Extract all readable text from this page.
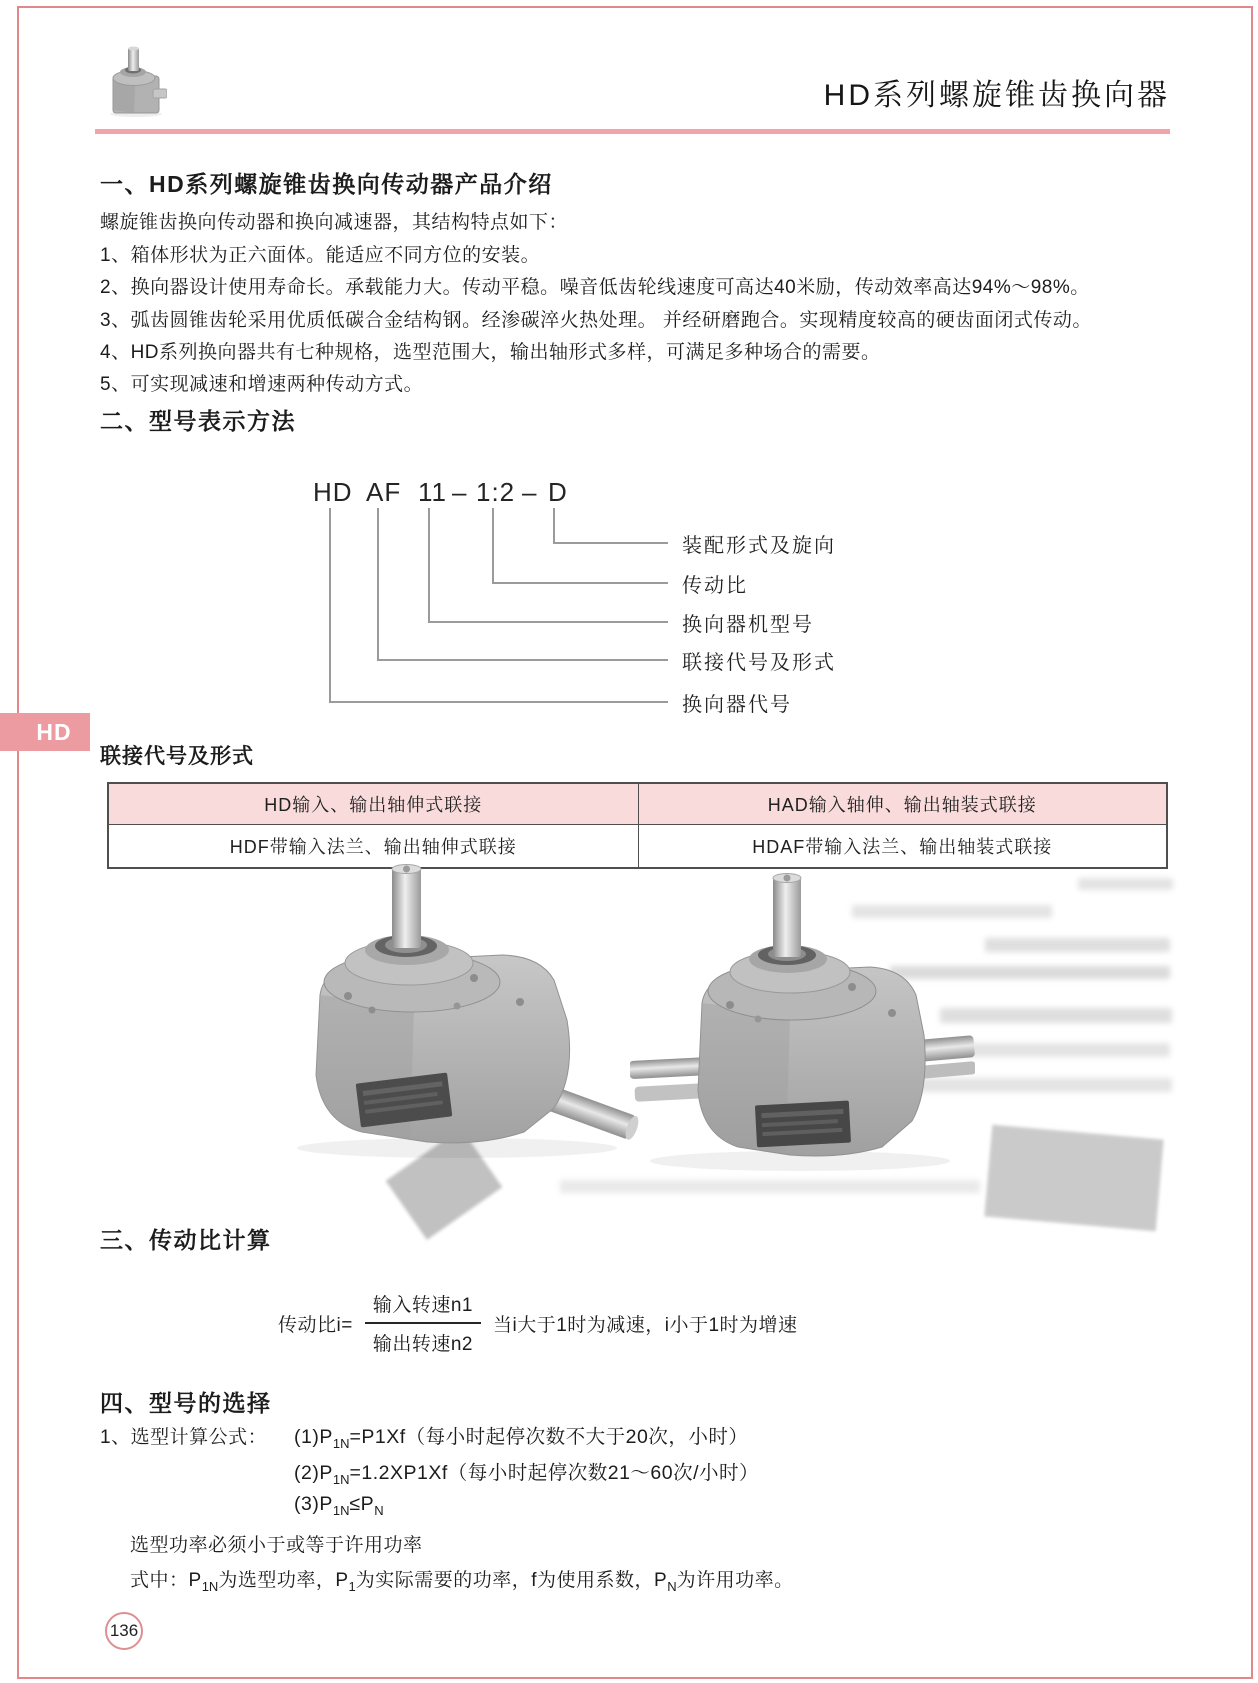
HD系列螺旋锥齿换向器
一、HD系列螺旋锥齿换向传动器产品介绍
螺旋锥齿换向传动器和换向减速器，其结构特点如下：
1、箱体形状为正六面体。能适应不同方位的安装。
2、换向器设计使用寿命长。承载能力大。传动平稳。噪音低齿轮线速度可高达40米励，传动效率高达94%～98%。
3、弧齿圆锥齿轮采用优质低碳合金结构钢。经渗碳淬火热处理。 并经研磨跑合。实现精度较高的硬齿面闭式传动。
4、HD系列换向器共有七种规格，选型范围大，输出轴形式多样，可满足多种场合的需要。
5、可实现减速和增速两种传动方式。
二、型号表示方法
HD AF 11 – 1:2 – D
装配形式及旋向
传动比
换向器机型号
联接代号及形式
换向器代号
HD
联接代号及形式
HD输入、输出轴伸式联接	HAD输入轴伸、输出轴装式联接
HDF带输入法兰、输出轴伸式联接	HDAF带输入法兰、输出轴装式联接
三、传动比计算
传动比$i= \frac{\text{输入转速n1}}{\text{输出转速n2}}$ 当i大于1时为减速，i小于1时为增速
四、型号的选择
1、选型计算公式： $(1)P_{1N}=P1Xf$（每小时起停次数不大于20次，小时）
$(2)P_{1N}=1.2XP1Xf$（每小时起停次数21～60次/小时）
$(3)P_{1N}\le P_N$
选型功率必须小于或等于许用功率
式中：$P_{1N}$为选型功率，$P_1$为实际需要的功率，f为使用系数，$P_N$为许用功率。
136
